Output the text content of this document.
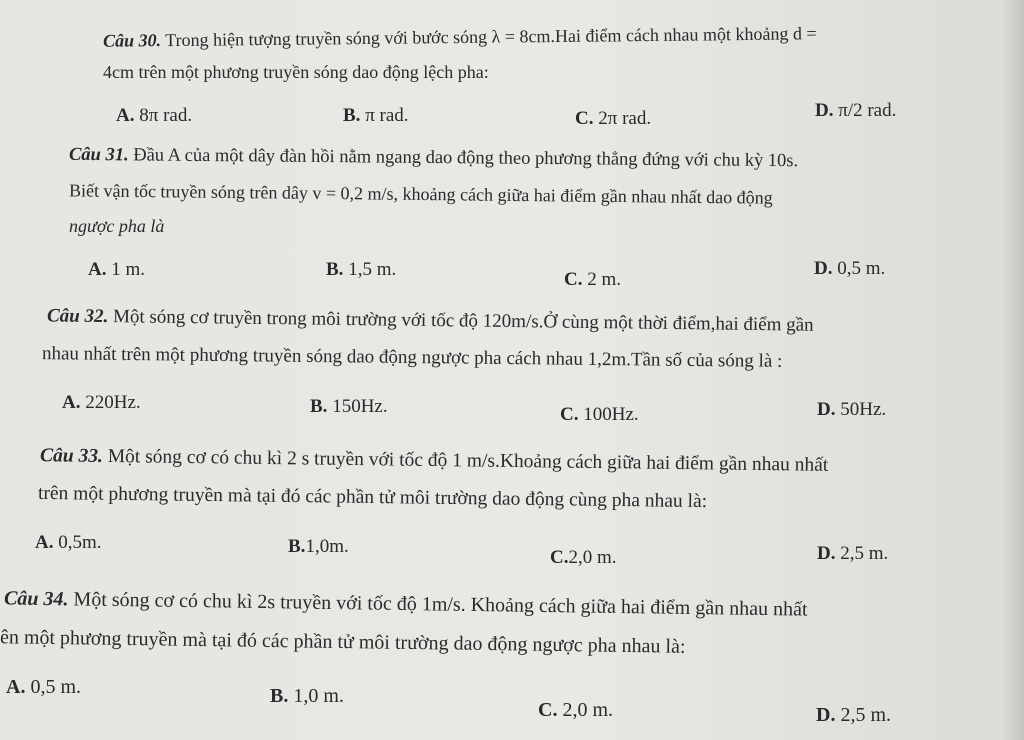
Câu 30. Trong hiện tượng truyền sóng với bước sóng λ = 8cm.Hai điểm cách nhau một khoảng d =
4cm trên một phương truyền sóng dao động lệch pha:
A. 8π rad.	B. π rad.	C. 2π rad.	D. π/2 rad.
Câu 31. Đầu A của một dây đàn hồi nằm ngang dao động theo phương thẳng đứng với chu kỳ 10s.
Biết vận tốc truyền sóng trên dây v = 0,2 m/s, khoảng cách giữa hai điểm gần nhau nhất dao động
ngược pha là
A. 1 m.	B. 1,5 m.	C. 2 m.
D. 0,5 m.
Câu 32. Một sóng cơ truyền trong môi trường với tốc độ 120m/s.Ở cùng một thời điểm,hai điểm gần
nhau nhất trên một phương truyền sóng dao động ngược pha cách nhau 1,2m.Tần số của sóng là :
A. 220Hz.	B. 150Hz.	C. 100Hz.	D. 50Hz.
Câu 33. Một sóng cơ có chu kì 2 s truyền với tốc độ 1 m/s.Khoảng cách giữa hai điểm gần nhau nhất
trên một phương truyền mà tại đó các phần tử môi trường dao động cùng pha nhau là:
A. 0,5m.	B.1,0m.
C.2,0 m.	D. 2,5 m.
Câu 34. Một sóng cơ có chu kì 2s truyền với tốc độ 1m/s. Khoảng cách giữa hai điểm gần nhau nhất
ên một phương truyền mà tại đó các phần tử môi trường dao động ngược pha nhau là:
A. 0,5 m.	B. 1,0 m.
C. 2,0 m.	D. 2,5 m.
